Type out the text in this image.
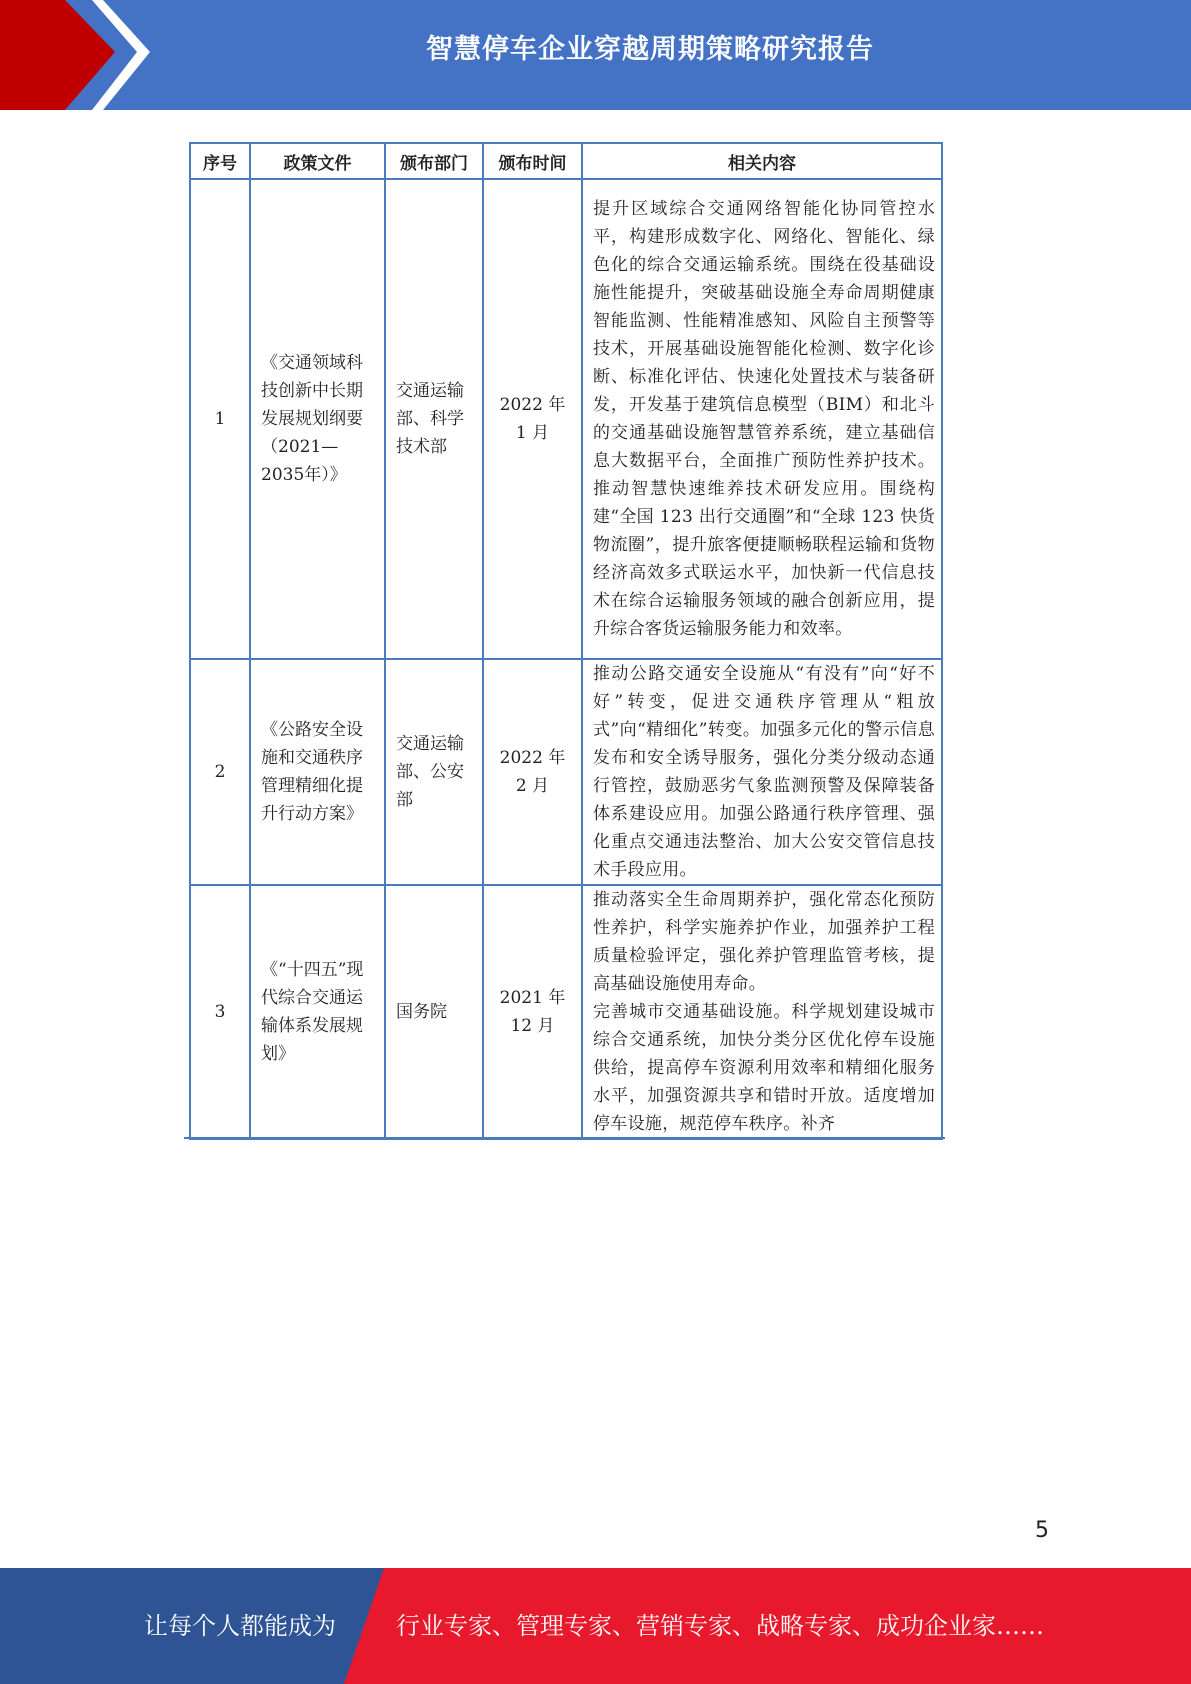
智慧停车企业穿越周期策略研究报告
序号	政策文件	颁布部门	颁布时间	相关内容
1	《交通领域科技创新中长期发展规划纲要（2021—2035年）》	交通运输部、科学技术部	2022 年 1 月	提升区域综合交通网络智能化协同管控水平，构建形成数字化、网络化、智能化、绿色化的综合交通运输系统。围绕在役基础设施性能提升，突破基础设施全寿命周期健康智能监测、性能精准感知、风险自主预警等技术，开展基础设施智能化检测、数字化诊断、标准化评估、快速化处置技术与装备研发，开发基于建筑信息模型（BIM）和北斗的交通基础设施智慧管养系统，建立基础信息大数据平台，全面推广预防性养护技术。推动智慧快速维养技术研发应用。围绕构建“全国 123 出行交通圈”和“全球 123 快货物流圈”，提升旅客便捷顺畅联程运输和货物经济高效多式联运水平，加快新一代信息技术在综合运输服务领域的融合创新应用，提升综合客货运输服务能力和效率。
2	《公路安全设施和交通秩序管理精细化提升行动方案》	交通运输部、公安部	2022 年 2 月	推动公路交通安全设施从“有没有”向“好不好”转变，促进交通秩序管理从“粗放式”向“精细化”转变。加强多元化的警示信息发布和安全诱导服务，强化分类分级动态通行管控，鼓励恶劣气象监测预警及保障装备体系建设应用。加强公路通行秩序管理、强化重点交通违法整治、加大公安交管信息技术手段应用。
3	《“十四五”现代综合交通运输体系发展规划》	国务院	2021 年 12 月	推动落实全生命周期养护，强化常态化预防性养护，科学实施养护作业，加强养护工程质量检验评定，强化养护管理监管考核，提高基础设施使用寿命。

完善城市交通基础设施。科学规划建设城市综合交通系统，加快分类分区优化停车设施供给，提高停车资源利用效率和精细化服务水平，加强资源共享和错时开放。适度增加停车设施，规范停车秩序。补齐

5
让每个人都能成为	行业专家、管理专家、营销专家、战略专家、成功企业家……
